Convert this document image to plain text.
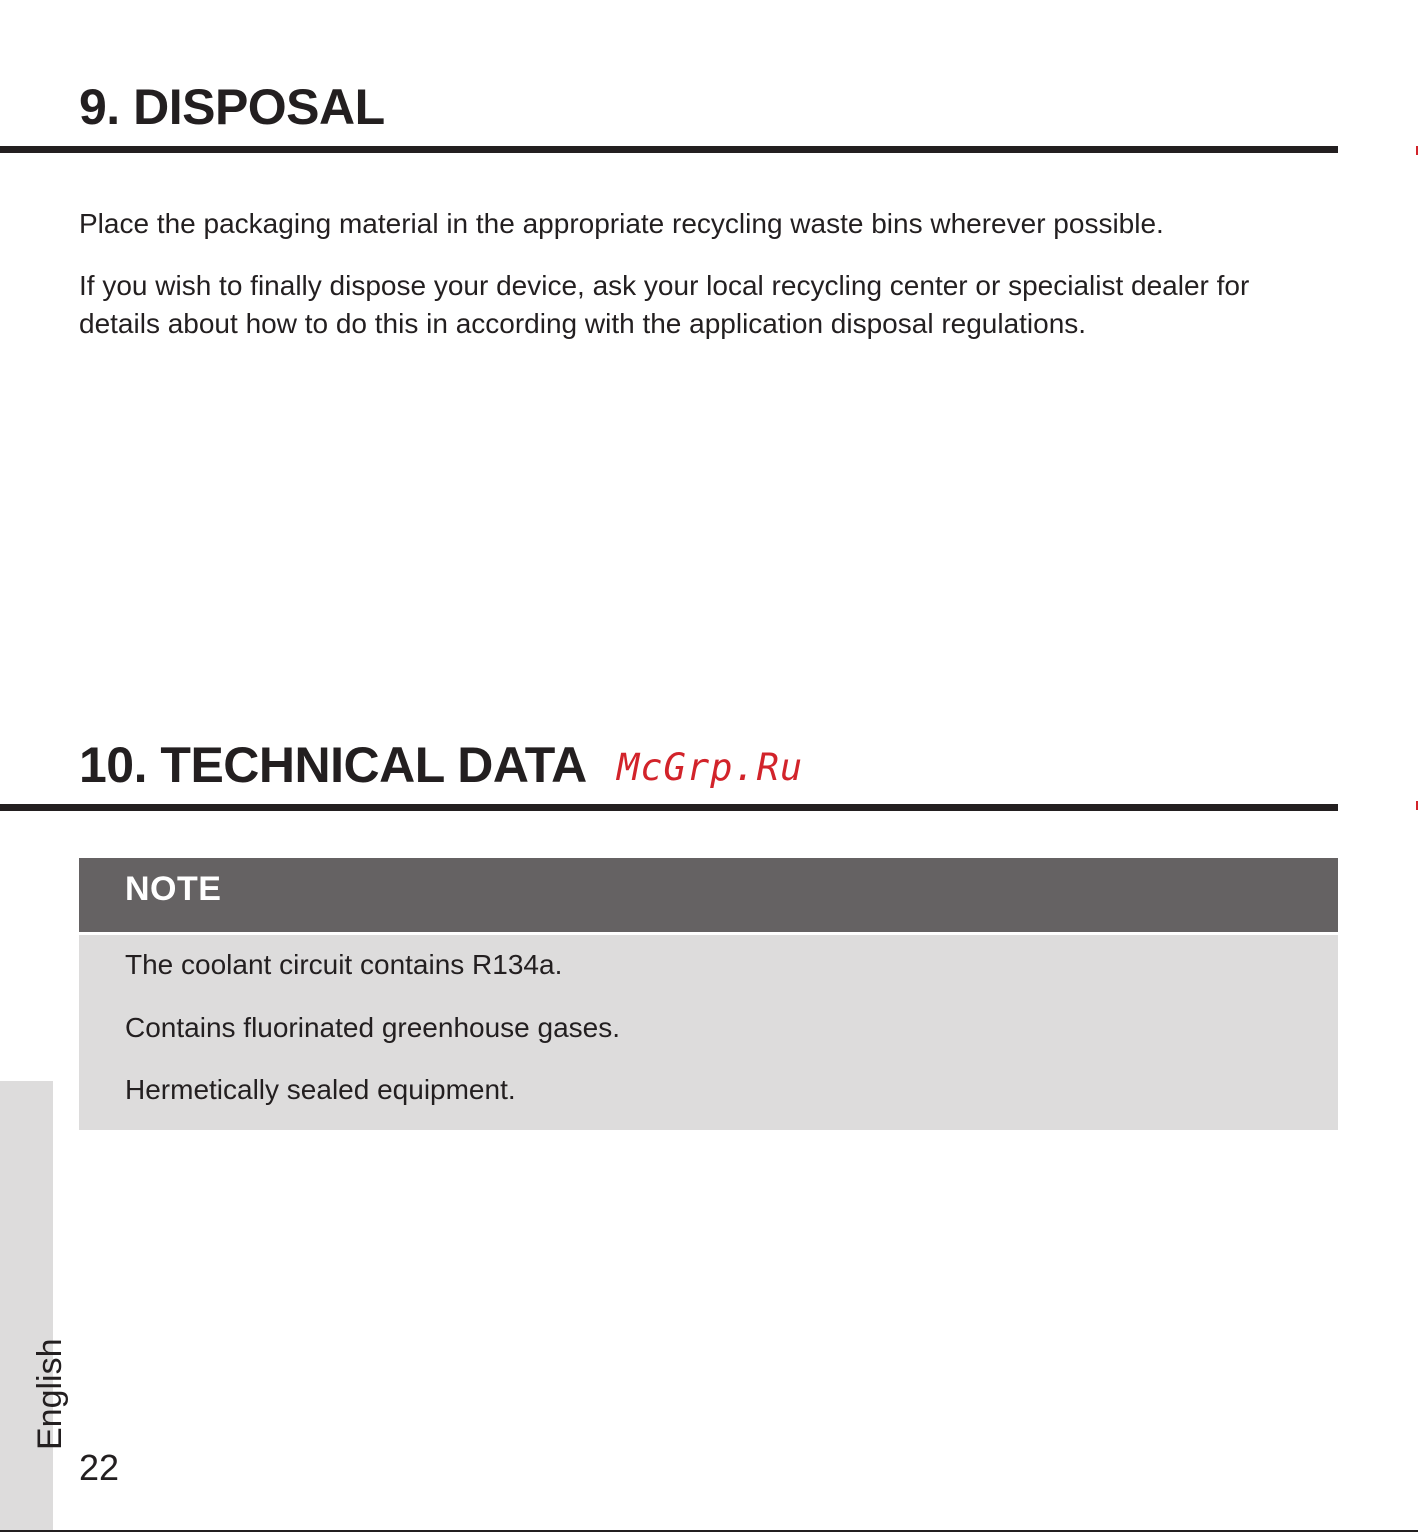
9. DISPOSAL

Place the packaging material in the appropriate recycling waste bins wherever possible.

If you wish to finally dispose your device, ask your local recycling center or specialist dealer for details about how to do this in according with the application disposal regulations.

10. TECHNICAL DATA McGrp.Ru
NOTE

The coolant circuit contains R134a.

Contains fluorinated greenhouse gases.

Hermetically sealed equipment.

English
22
